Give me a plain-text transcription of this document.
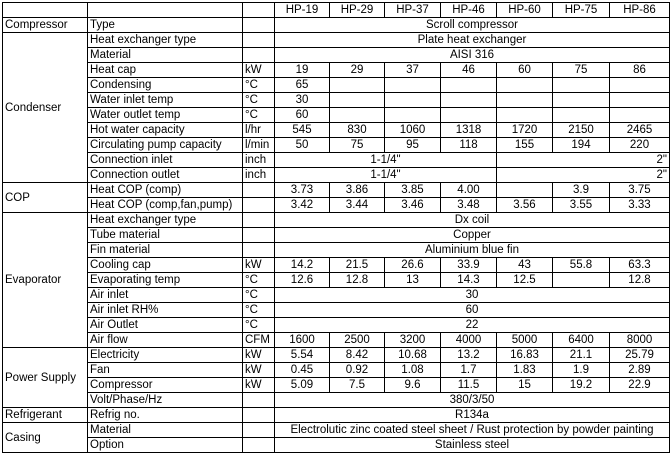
			HP-19	HP-29	HP-37	HP-46	HP-60	HP-75	HP-86
Compressor	Type		Scroll compressor						
Condenser	Heat exchanger type		Plate heat exchanger						
	Material		AISI 316						
	Heat cap	kW	19	29	37	46	60	75	86
	Condensing	°C	65						
	Water inlet temp	°C	30						
	Water outlet temp	°C	60						
	Hot water capacity	l/hr	545	830	1060	1318	1720	2150	2465
	Circulating pump capacity	l/min	50	75	95	118	155	194	220
	Connection inlet	inch	1-1/4"				2"		
	Connection outlet	inch	1-1/4"				2"		
COP	Heat COP (comp)		3.73	3.86	3.85	4.00		3.9	3.75
	Heat COP (comp,fan,pump)		3.42	3.44	3.46	3.48	3.56	3.55	3.33
Evaporator	Heat exchanger type		Dx coil						
	Tube material		Copper						
	Fin material		Aluminium blue fin						
	Cooling cap	kW	14.2	21.5	26.6	33.9	43	55.8	63.3
	Evaporating temp	°C	12.6	12.8	13	14.3	12.5		12.8
	Air inlet	°C	30						
	Air inlet RH%	°C	60						
	Air Outlet	°C	22						
	Air flow	CFM	1600	2500	3200	4000	5000	6400	8000
Power Supply	Electricity	kW	5.54	8.42	10.68	13.2	16.83	21.1	25.79
	Fan	kW	0.45	0.92	1.08	1.7	1.83	1.9	2.89
	Compressor	kW	5.09	7.5	9.6	11.5	15	19.2	22.9
	Volt/Phase/Hz		380/3/50						
Refrigerant	Refrig no.		R134a						
Casing	Material		Electrolutic zinc coated steel sheet / Rust protection by powder painting						
	Option		Stainless steel						
